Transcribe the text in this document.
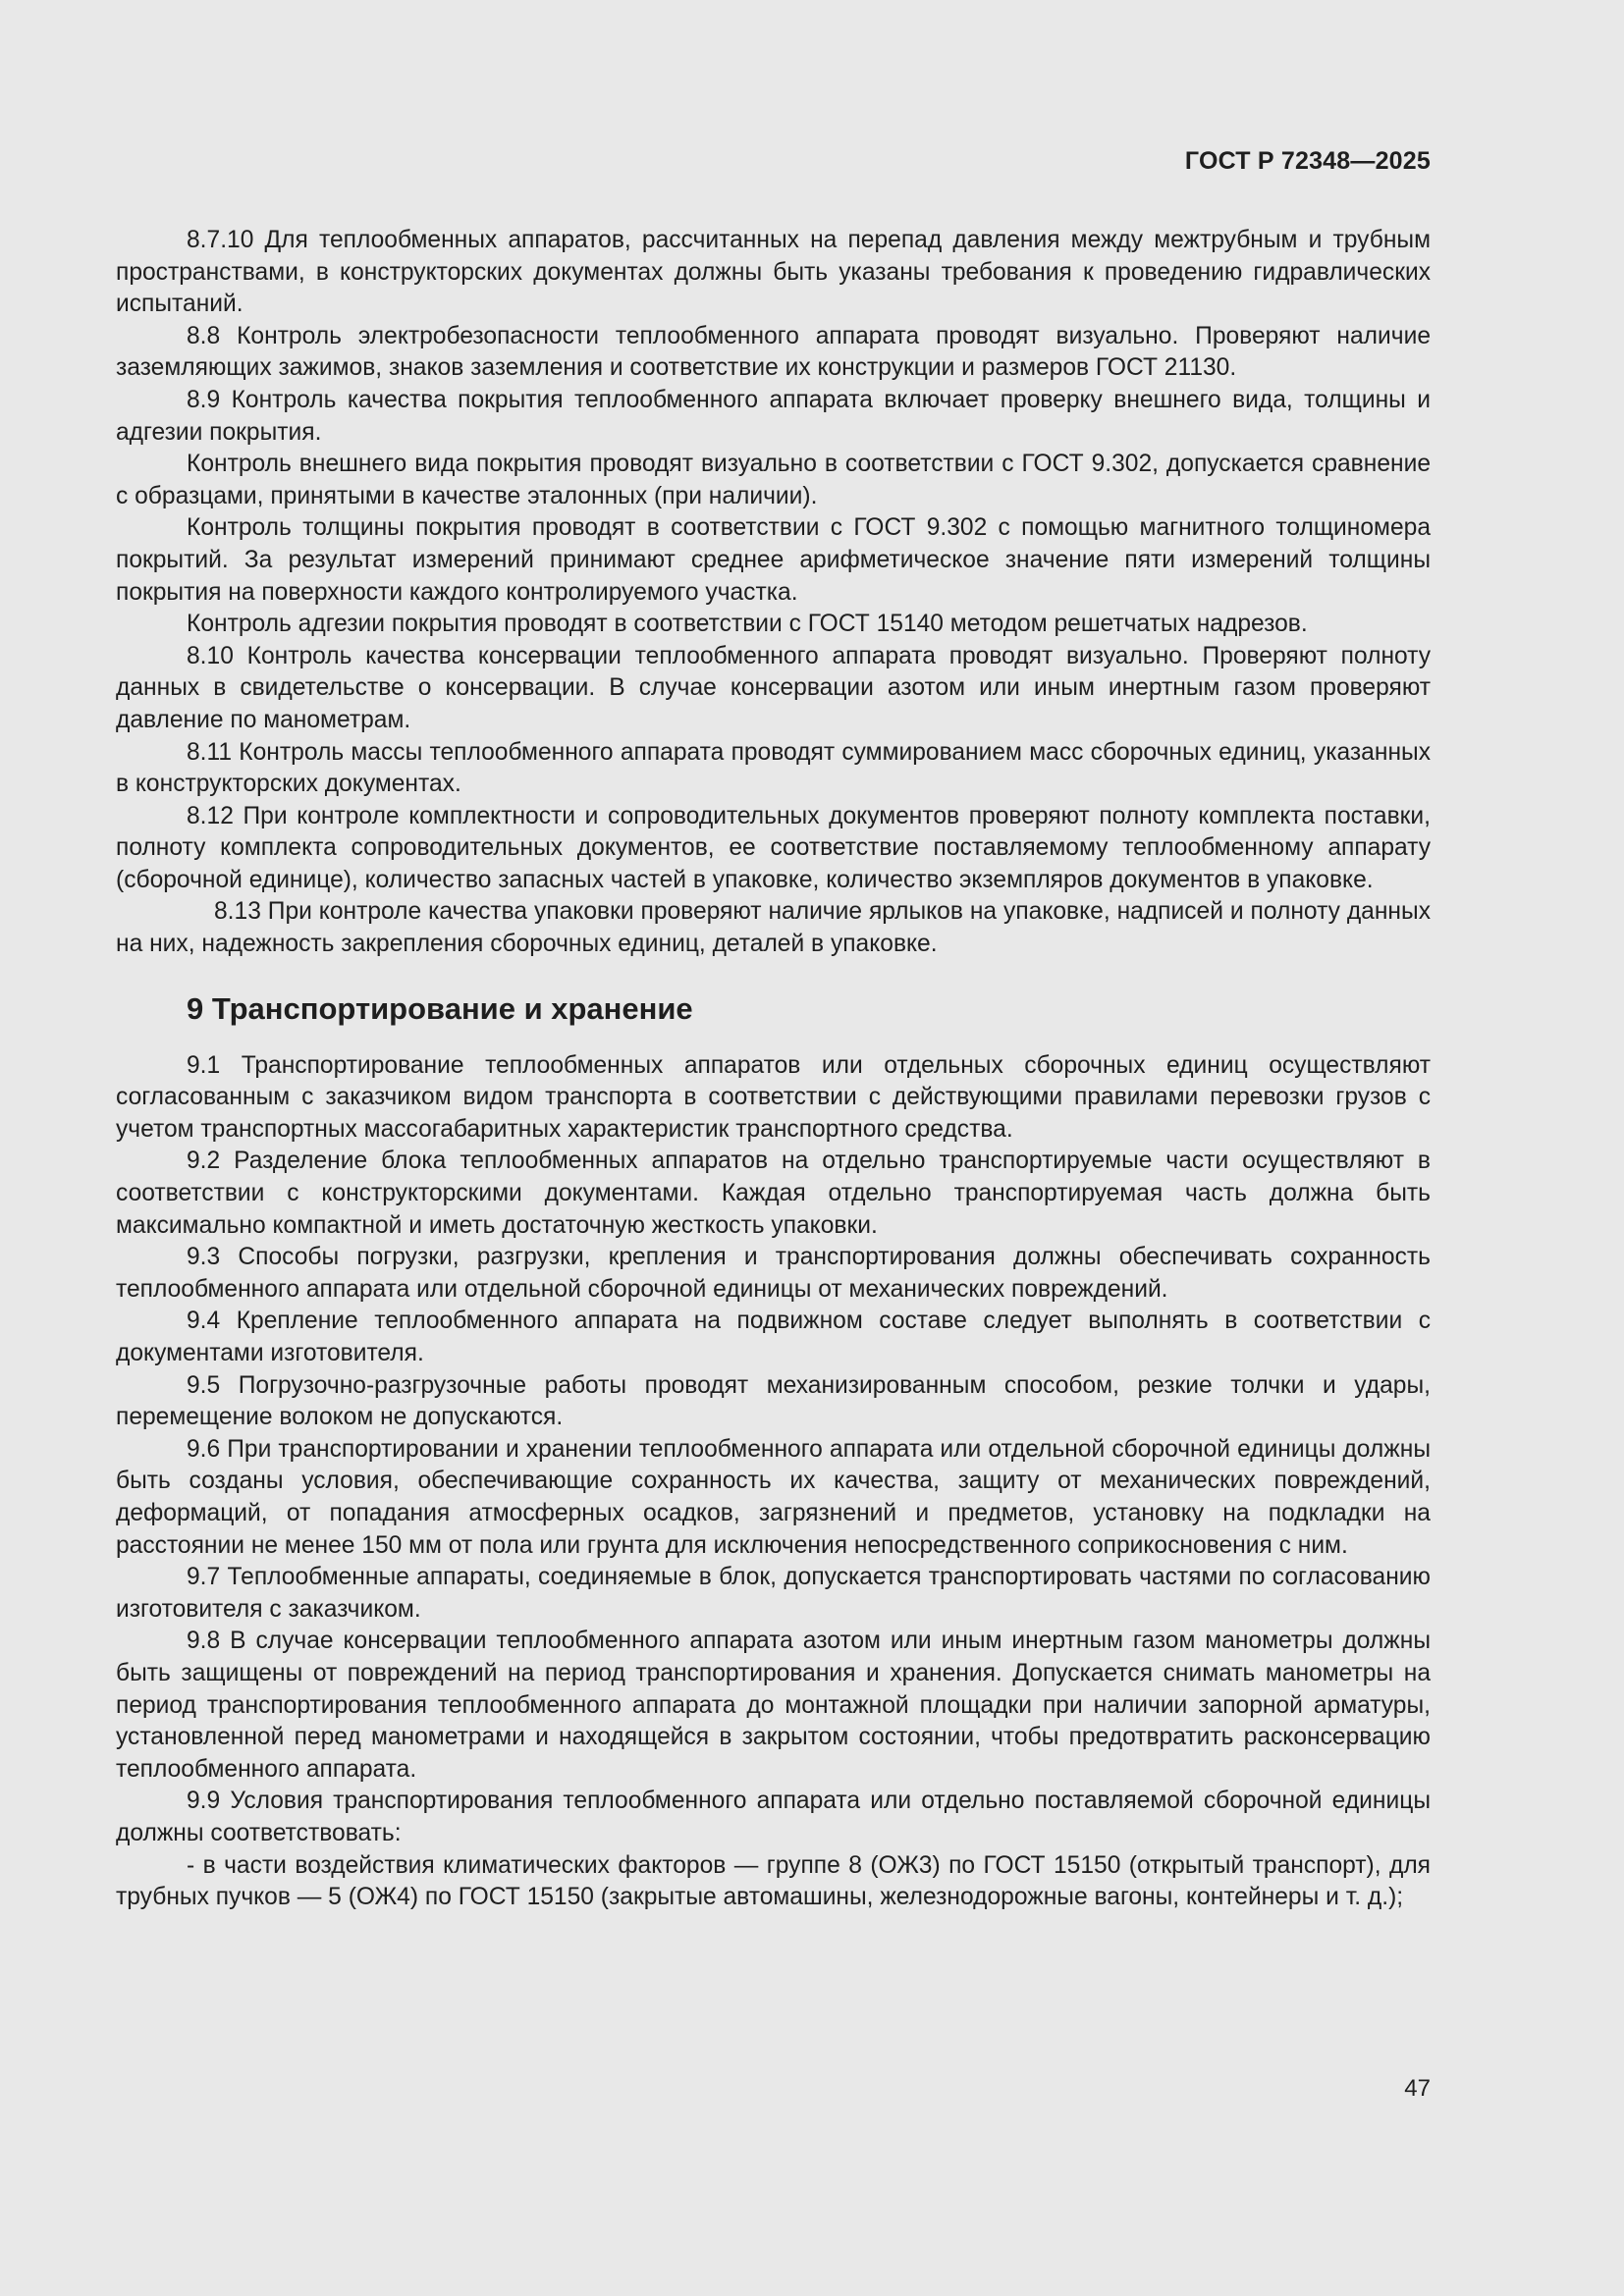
ГОСТ Р 72348—2025

8.7.10 Для теплообменных аппаратов, рассчитанных на перепад давления между межтрубным и трубным пространствами, в конструкторских документах должны быть указаны требования к проведению гидравлических испытаний.

8.8 Контроль электробезопасности теплообменного аппарата проводят визуально. Проверяют наличие заземляющих зажимов, знаков заземления и соответствие их конструкции и размеров ГОСТ 21130.

8.9 Контроль качества покрытия теплообменного аппарата включает проверку внешнего вида, толщины и адгезии покрытия.

Контроль внешнего вида покрытия проводят визуально в соответствии с ГОСТ 9.302, допускается сравнение с образцами, принятыми в качестве эталонных (при наличии).

Контроль толщины покрытия проводят в соответствии с ГОСТ 9.302 с помощью магнитного толщиномера покрытий. За результат измерений принимают среднее арифметическое значение пяти измерений толщины покрытия на поверхности каждого контролируемого участка.

Контроль адгезии покрытия проводят в соответствии с ГОСТ 15140 методом решетчатых надрезов.

8.10 Контроль качества консервации теплообменного аппарата проводят визуально. Проверяют полноту данных в свидетельстве о консервации. В случае консервации азотом или иным инертным газом проверяют давление по манометрам.

8.11 Контроль массы теплообменного аппарата проводят суммированием масс сборочных единиц, указанных в конструкторских документах.

8.12 При контроле комплектности и сопроводительных документов проверяют полноту комплекта поставки, полноту комплекта сопроводительных документов, ее соответствие поставляемому теплообменному аппарату (сборочной единице), количество запасных частей в упаковке, количество экземпляров документов в упаковке.

8.13 При контроле качества упаковки проверяют наличие ярлыков на упаковке, надписей и полноту данных на них, надежность закрепления сборочных единиц, деталей в упаковке.

9 Транспортирование и хранение

9.1 Транспортирование теплообменных аппаратов или отдельных сборочных единиц осуществляют согласованным с заказчиком видом транспорта в соответствии с действующими правилами перевозки грузов с учетом транспортных массогабаритных характеристик транспортного средства.

9.2 Разделение блока теплообменных аппаратов на отдельно транспортируемые части осуществляют в соответствии с конструкторскими документами. Каждая отдельно транспортируемая часть должна быть максимально компактной и иметь достаточную жесткость упаковки.

9.3 Способы погрузки, разгрузки, крепления и транспортирования должны обеспечивать сохранность теплообменного аппарата или отдельной сборочной единицы от механических повреждений.

9.4 Крепление теплообменного аппарата на подвижном составе следует выполнять в соответствии с документами изготовителя.

9.5 Погрузочно-разгрузочные работы проводят механизированным способом, резкие толчки и удары, перемещение волоком не допускаются.

9.6 При транспортировании и хранении теплообменного аппарата или отдельной сборочной единицы должны быть созданы условия, обеспечивающие сохранность их качества, защиту от механических повреждений, деформаций, от попадания атмосферных осадков, загрязнений и предметов, установку на подкладки на расстоянии не менее 150 мм от пола или грунта для исключения непосредственного соприкосновения с ним.

9.7 Теплообменные аппараты, соединяемые в блок, допускается транспортировать частями по согласованию изготовителя с заказчиком.

9.8 В случае консервации теплообменного аппарата азотом или иным инертным газом манометры должны быть защищены от повреждений на период транспортирования и хранения. Допускается снимать манометры на период транспортирования теплообменного аппарата до монтажной площадки при наличии запорной арматуры, установленной перед манометрами и находящейся в закрытом состоянии, чтобы предотвратить расконсервацию теплообменного аппарата.

9.9 Условия транспортирования теплообменного аппарата или отдельно поставляемой сборочной единицы должны соответствовать:

- в части воздействия климатических факторов — группе 8 (ОЖ3) по ГОСТ 15150 (открытый транспорт), для трубных пучков — 5 (ОЖ4) по ГОСТ 15150 (закрытые автомашины, железнодорожные вагоны, контейнеры и т. д.);

47
